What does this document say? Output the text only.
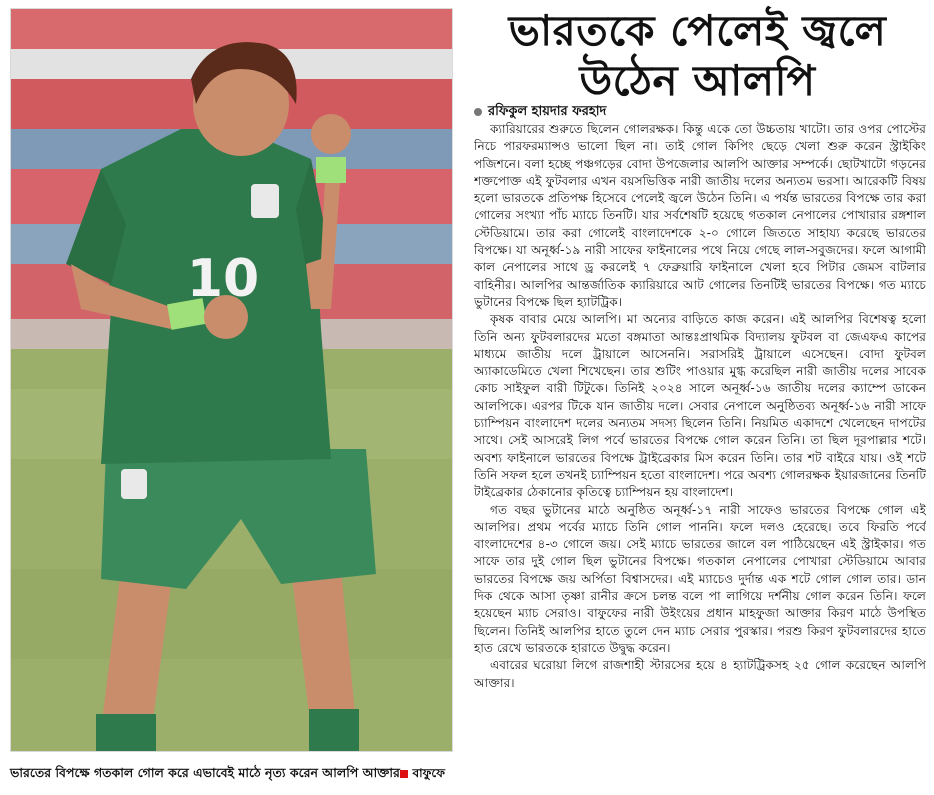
10
ভারতের বিপক্ষে গতকাল গোল করে এভাবেই মাঠে নৃত্য করেন আলপি আক্তার	বাফুফে
ভারতকে পেলেই জ্বলে উঠেন আলপি
রফিকুল হায়দার ফরহাদ

ক্যারিয়ারের শুরুতে ছিলেন গোলরক্ষক। কিন্তু একে তো উচ্চতায় খাটো। তার ওপর পোস্টের নিচে পারফরম্যান্সও ভালো ছিল না। তাই গোল কিপিং ছেড়ে খেলা শুরু করেন স্ট্রাইকিং পজিশনে। বলা হচ্ছে পঞ্চগড়ের বোদা উপজেলার আলপি আক্তার সম্পর্কে। ছোটখাটো গড়নের শক্তপোক্ত এই ফুটবলার এখন বয়সভিত্তিক নারী জাতীয় দলের অন্যতম ভরসা। আরেকটি বিষয় হলো ভারতকে প্রতিপক্ষ হিসেবে পেলেই জ্বলে উঠেন তিনি। এ পর্যন্ত ভারতের বিপক্ষে তার করা গোলের সংখ্যা পাঁচ ম্যাচে তিনটি। যার সর্বশেষটি হয়েছে গতকাল নেপালের পোখারার রঙ্গশাল স্টেডিয়ামে। তার করা গোলেই বাংলাদেশকে ২-০ গোলে জিততে সাহায্য করেছে ভারতের বিপক্ষে। যা অনূর্ধ্ব-১৯ নারী সাফের ফাইনালের পথে নিয়ে গেছে লাল-সবুজদের। ফলে আগামী কাল নেপালের সাথে ড্র করলেই ৭ ফেব্রুয়ারি ফাইনালে খেলা হবে পিটার জেমস বাটলার বাহিনীর। আলপির আন্তর্জাতিক ক্যারিয়ারে আট গোলের তিনটিই ভারতের বিপক্ষে। গত ম্যাচে ভুটানের বিপক্ষে ছিল হ্যাটট্রিক।

কৃষক বাবার মেয়ে আলপি। মা অন্যের বাড়িতে কাজ করেন। এই আলপির বিশেষত্ব হলো তিনি অন্য ফুটবলারদের মতো বঙ্গমাতা আন্তঃপ্রাথমিক বিদ্যালয় ফুটবল বা জেএফএ কাপের মাধ্যমে জাতীয় দলে ট্রায়ালে আসেননি। সরাসরিই ট্রায়ালে এসেছেন। বোদা ফুটবল অ্যাকাডেমিতে খেলা শিখেছেন। তার শুটিং পাওয়ার মুগ্ধ করেছিল নারী জাতীয় দলের সাবেক কোচ সাইফুল বারী টিটুকে। তিনিই ২০২৪ সালে অনূর্ধ্ব-১৬ জাতীয় দলের ক্যাম্পে ডাকেন আলপিকে। এরপর টিকে যান জাতীয় দলে। সেবার নেপালে অনুষ্ঠিতব্য অনূর্ধ্ব-১৬ নারী সাফে চ্যাম্পিয়ন বাংলাদেশ দলের অন্যতম সদস্য ছিলেন তিনি। নিয়মিত একাদশে খেলেছেন দাপটের সাথে। সেই আসরেই লিগ পর্বে ভারতের বিপক্ষে গোল করেন তিনি। তা ছিল দূরপাল্লার শটে। অবশ্য ফাইনালে ভারতের বিপক্ষে ট্রাইব্রেকার মিস করেন তিনি। তার শট বাইরে যায়। ওই শটে তিনি সফল হলে তখনই চ্যাম্পিয়ন হতো বাংলাদেশ। পরে অবশ্য গোলরক্ষক ইয়ারজানের তিনটি টাইব্রেকার ঠেকানোর কৃতিত্বে চ্যাম্পিয়ন হয় বাংলাদেশ।

গত বছর ভুটানের মাঠে অনুষ্ঠিত অনূর্ধ্ব-১৭ নারী সাফেও ভারতের বিপক্ষে গোল এই আলপির। প্রথম পর্বের ম্যাচে তিনি গোল পাননি। ফলে দলও হেরেছে। তবে ফিরতি পর্বে বাংলাদেশের ৪-৩ গোলে জয়। সেই ম্যাচে ভারতের জালে বল পাঠিয়েছেন এই স্ট্রাইকার। গত সাফে তার দুই গোল ছিল ভুটানের বিপক্ষে। গতকাল নেপালের পোখারা স্টেডিয়ামে আবার ভারতের বিপক্ষে জয় অর্পিতা বিশ্বাসদের। এই ম্যাচেও দুর্দান্ত এক শটে গোল গোল তার। ডান দিক থেকে আসা তৃষ্ণা রানীর ক্রসে চলন্ত বলে পা লাগিয়ে দর্শনীয় গোল করেন তিনি। ফলে হয়েছেন ম্যাচ সেরাও। বাফুফের নারী উইংয়ের প্রধান মাহফুজা আক্তার কিরণ মাঠে উপস্থিত ছিলেন। তিনিই আলপির হাতে তুলে দেন ম্যাচ সেরার পুরস্কার। পরশু কিরণ ফুটবলারদের হাতে হাত রেখে ভারতকে হারাতে উদ্বুদ্ধ করেন।

এবারের ঘরোয়া লিগে রাজশাহী স্টারসের হয়ে ৪ হ্যাটট্রিকসহ ২৫ গোল করেছেন আলপি আক্তার।
